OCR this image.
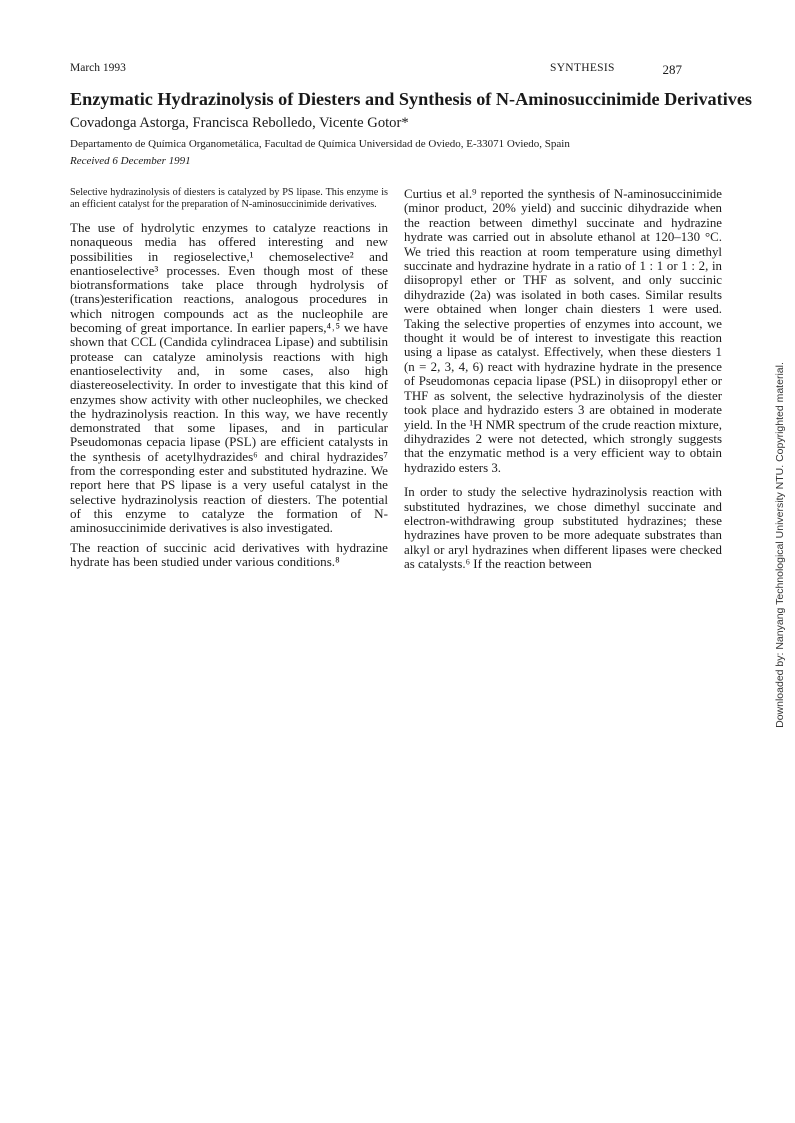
March 1993	SYNTHESIS	287
Enzymatic Hydrazinolysis of Diesters and Synthesis of N-Aminosuccinimide Derivatives
Covadonga Astorga, Francisca Rebolledo, Vicente Gotor*
Departamento de Química Organometálica, Facultad de Química Universidad de Oviedo, E-33071 Oviedo, Spain
Received 6 December 1991

Selective hydrazinolysis of diesters is catalyzed by PS lipase. This enzyme is an efficient catalyst for the preparation of N-aminosuccinimide derivatives.

The use of hydrolytic enzymes to catalyze reactions in nonaqueous media has offered interesting and new possibilities in regioselective,¹ chemoselective² and enantioselective³ processes. Even though most of these biotransformations take place through hydrolysis of (trans)esterification reactions, analogous procedures in which nitrogen compounds act as the nucleophile are becoming of great importance. In earlier papers,⁴˒⁵ we have shown that CCL (Candida cylindracea Lipase) and subtilisin protease can catalyze aminolysis reactions with high enantioselectivity and, in some cases, also high diastereoselectivity. In order to investigate that this kind of enzymes show activity with other nucleophiles, we checked the hydrazinolysis reaction. In this way, we have recently demonstrated that some lipases, and in particular Pseudomonas cepacia lipase (PSL) are efficient catalysts in the synthesis of acetylhydrazides⁶ and chiral hydrazides⁷ from the corresponding ester and substituted hydrazine. We report here that PS lipase is a very useful catalyst in the selective hydrazinolysis reaction of diesters. The potential of this enzyme to catalyze the formation of N-aminosuccinimide derivatives is also investigated.

The reaction of succinic acid derivatives with hydrazine hydrate has been studied under various conditions.⁸

Curtius et al.⁹ reported the synthesis of N-aminosuccinimide (minor product, 20% yield) and succinic dihydrazide when the reaction between dimethyl succinate and hydrazine hydrate was carried out in absolute ethanol at 120–130 °C. We tried this reaction at room temperature using dimethyl succinate and hydrazine hydrate in a ratio of 1 : 1 or 1 : 2, in diisopropyl ether or THF as solvent, and only succinic dihydrazide (2a) was isolated in both cases. Similar results were obtained when longer chain diesters 1 were used. Taking the selective properties of enzymes into account, we thought it would be of interest to investigate this reaction using a lipase as catalyst. Effectively, when these diesters 1 (n = 2, 3, 4, 6) react with hydrazine hydrate in the presence of Pseudomonas cepacia lipase (PSL) in diisopropyl ether or THF as solvent, the selective hydrazinolysis of the diester took place and hydrazido esters 3 are obtained in moderate yield. In the ¹H NMR spectrum of the crude reaction mixture, dihydrazides 2 were not detected, which strongly suggests that the enzymatic method is a very efficient way to obtain hydrazido esters 3.

In order to study the selective hydrazinolysis reaction with substituted hydrazines, we chose dimethyl succinate and electron-withdrawing group substituted hydrazines; these hydrazines have proven to be more adequate substrates than alkyl or aryl hydrazines when different lipases were checked as catalysts.⁶ If the reaction between	Downloaded by: Nanyang Technological University NTU. Copyrighted material.
